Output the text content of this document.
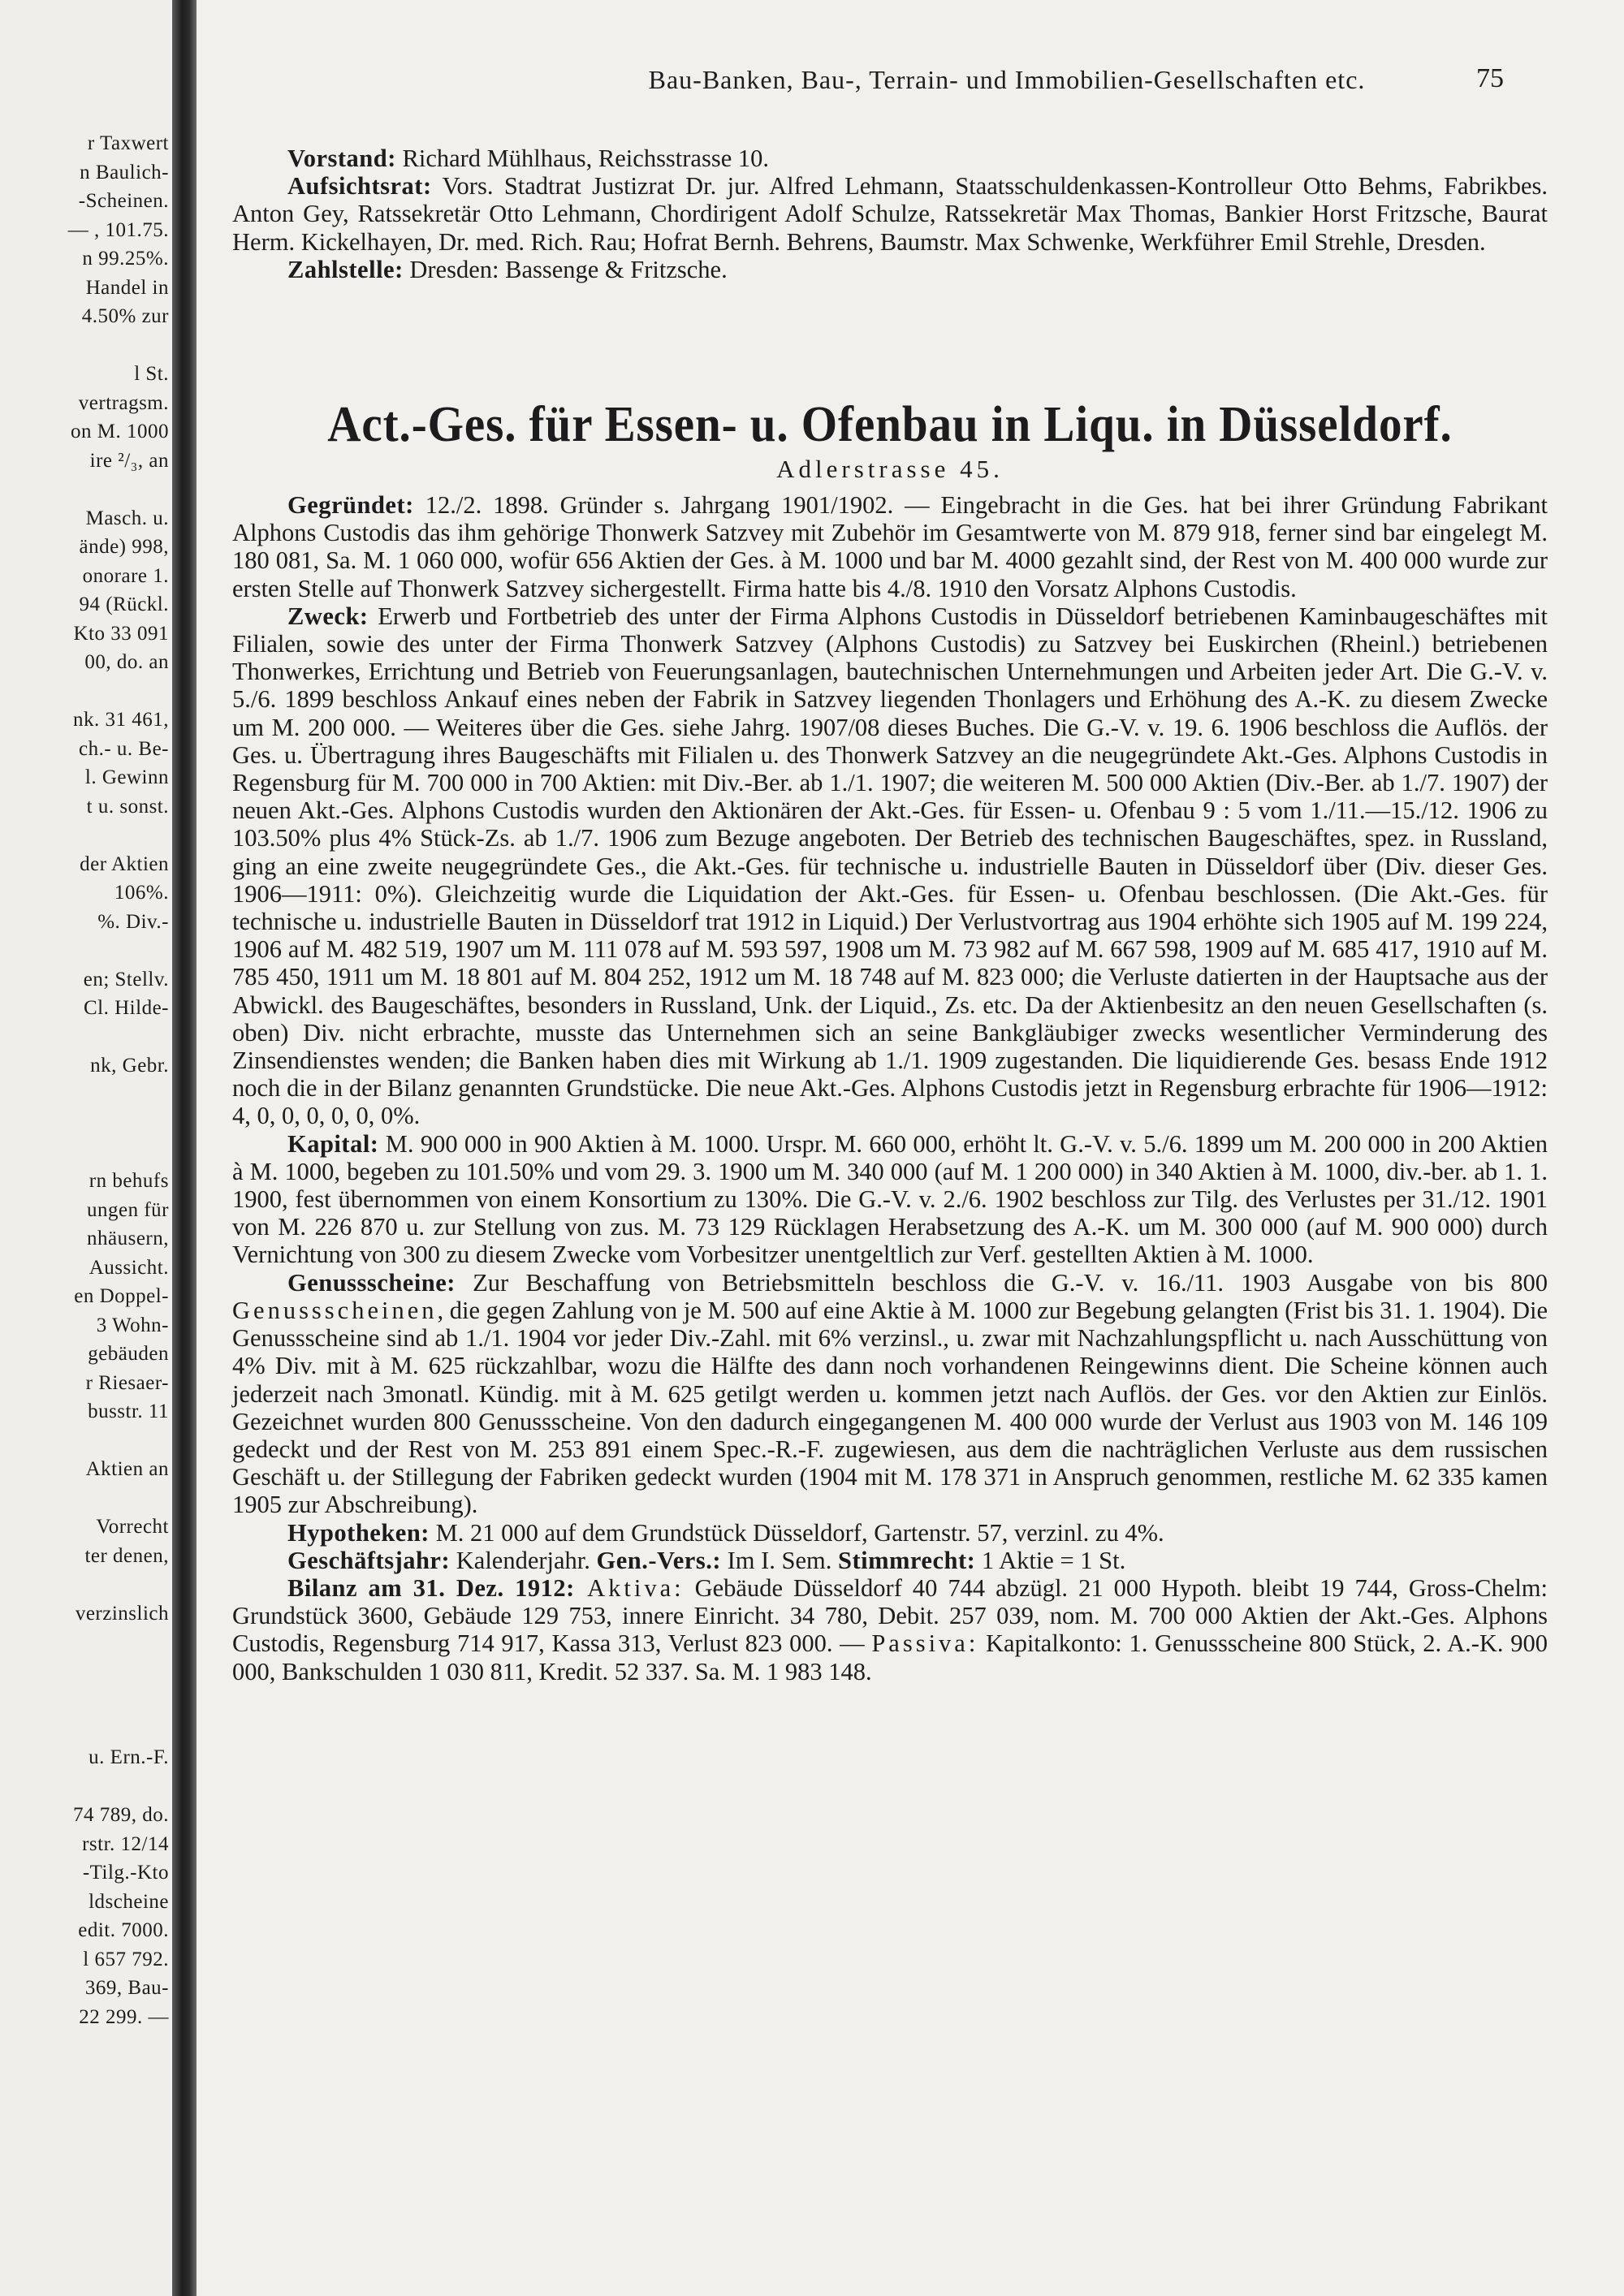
r Taxwert
n Baulich-
-Scheinen.
— , 101.75.
n 99.25%.
Handel in
4.50% zur
l St.
vertragsm.
on M. 1000
ire ²/₃, an
Masch. u.
ände) 998,
onorare 1.
94 (Rückl.
Kto 33 091
00, do. an
nk. 31 461,
ch.- u. Be-
l. Gewinn
t u. sonst.
der Aktien
106%.
%. Div.-
en; Stellv.
Cl. Hilde-
nk, Gebr.
rn behufs
ungen für
nhäusern,
Aussicht.
en Doppel-
3 Wohn-
gebäuden
r Riesaer-
busstr. 11
Aktien an
Vorrecht
ter denen,
verzinslich
u. Ern.-F.
74 789, do.
rstr. 12/14
-Tilg.-Kto
ldscheine
edit. 7000.
l 657 792.
369, Bau-
22 299. —
Bau-Banken, Bau-, Terrain- und Immobilien-Gesellschaften etc.	75

Vorstand: Richard Mühlhaus, Reichsstrasse 10.

Aufsichtsrat: Vors. Stadtrat Justizrat Dr. jur. Alfred Lehmann, Staatsschuldenkassen-Kontrolleur Otto Behms, Fabrikbes. Anton Gey, Ratssekretär Otto Lehmann, Chordirigent Adolf Schulze, Ratssekretär Max Thomas, Bankier Horst Fritzsche, Baurat Herm. Kickelhayen, Dr. med. Rich. Rau; Hofrat Bernh. Behrens, Baumstr. Max Schwenke, Werkführer Emil Strehle, Dresden.

Zahlstelle: Dresden: Bassenge & Fritzsche.

Act.-Ges. für Essen- u. Ofenbau in Liqu. in Düsseldorf.
Adlerstrasse 45.

Gegründet: 12./2. 1898. Gründer s. Jahrgang 1901/1902. — Eingebracht in die Ges. hat bei ihrer Gründung Fabrikant Alphons Custodis das ihm gehörige Thonwerk Satzvey mit Zubehör im Gesamtwerte von M. 879 918, ferner sind bar eingelegt M. 180 081, Sa. M. 1 060 000, wofür 656 Aktien der Ges. à M. 1000 und bar M. 4000 gezahlt sind, der Rest von M. 400 000 wurde zur ersten Stelle auf Thonwerk Satzvey sichergestellt. Firma hatte bis 4./8. 1910 den Vorsatz Alphons Custodis.

Zweck: Erwerb und Fortbetrieb des unter der Firma Alphons Custodis in Düsseldorf betriebenen Kaminbaugeschäftes mit Filialen, sowie des unter der Firma Thonwerk Satzvey (Alphons Custodis) zu Satzvey bei Euskirchen (Rheinl.) betriebenen Thonwerkes, Errichtung und Betrieb von Feuerungsanlagen, bautechnischen Unternehmungen und Arbeiten jeder Art. Die G.-V. v. 5./6. 1899 beschloss Ankauf eines neben der Fabrik in Satzvey liegenden Thonlagers und Erhöhung des A.-K. zu diesem Zwecke um M. 200 000. — Weiteres über die Ges. siehe Jahrg. 1907/08 dieses Buches. Die G.-V. v. 19. 6. 1906 beschloss die Auflös. der Ges. u. Übertragung ihres Baugeschäfts mit Filialen u. des Thonwerk Satzvey an die neugegründete Akt.-Ges. Alphons Custodis in Regensburg für M. 700 000 in 700 Aktien: mit Div.-Ber. ab 1./1. 1907; die weiteren M. 500 000 Aktien (Div.-Ber. ab 1./7. 1907) der neuen Akt.-Ges. Alphons Custodis wurden den Aktionären der Akt.-Ges. für Essen- u. Ofenbau 9 : 5 vom 1./11.—15./12. 1906 zu 103.50% plus 4% Stück-Zs. ab 1./7. 1906 zum Bezuge angeboten. Der Betrieb des technischen Baugeschäftes, spez. in Russland, ging an eine zweite neugegründete Ges., die Akt.-Ges. für technische u. industrielle Bauten in Düsseldorf über (Div. dieser Ges. 1906—1911: 0%). Gleichzeitig wurde die Liquidation der Akt.-Ges. für Essen- u. Ofenbau beschlossen. (Die Akt.-Ges. für technische u. industrielle Bauten in Düsseldorf trat 1912 in Liquid.) Der Verlustvortrag aus 1904 erhöhte sich 1905 auf M. 199 224, 1906 auf M. 482 519, 1907 um M. 111 078 auf M. 593 597, 1908 um M. 73 982 auf M. 667 598, 1909 auf M. 685 417, 1910 auf M. 785 450, 1911 um M. 18 801 auf M. 804 252, 1912 um M. 18 748 auf M. 823 000; die Verluste datierten in der Hauptsache aus der Abwickl. des Baugeschäftes, besonders in Russland, Unk. der Liquid., Zs. etc. Da der Aktienbesitz an den neuen Gesellschaften (s. oben) Div. nicht erbrachte, musste das Unternehmen sich an seine Bankgläubiger zwecks wesentlicher Verminderung des Zinsendienstes wenden; die Banken haben dies mit Wirkung ab 1./1. 1909 zugestanden. Die liquidierende Ges. besass Ende 1912 noch die in der Bilanz genannten Grundstücke. Die neue Akt.-Ges. Alphons Custodis jetzt in Regensburg erbrachte für 1906—1912: 4, 0, 0, 0, 0, 0, 0%.

Kapital: M. 900 000 in 900 Aktien à M. 1000. Urspr. M. 660 000, erhöht lt. G.-V. v. 5./6. 1899 um M. 200 000 in 200 Aktien à M. 1000, begeben zu 101.50% und vom 29. 3. 1900 um M. 340 000 (auf M. 1 200 000) in 340 Aktien à M. 1000, div.-ber. ab 1. 1. 1900, fest übernommen von einem Konsortium zu 130%. Die G.-V. v. 2./6. 1902 beschloss zur Tilg. des Verlustes per 31./12. 1901 von M. 226 870 u. zur Stellung von zus. M. 73 129 Rücklagen Herabsetzung des A.-K. um M. 300 000 (auf M. 900 000) durch Vernichtung von 300 zu diesem Zwecke vom Vorbesitzer unentgeltlich zur Verf. gestellten Aktien à M. 1000.

Genussscheine: Zur Beschaffung von Betriebsmitteln beschloss die G.-V. v. 16./11. 1903 Ausgabe von bis 800 Genussscheinen, die gegen Zahlung von je M. 500 auf eine Aktie à M. 1000 zur Begebung gelangten (Frist bis 31. 1. 1904). Die Genussscheine sind ab 1./1. 1904 vor jeder Div.-Zahl. mit 6% verzinsl., u. zwar mit Nachzahlungspflicht u. nach Ausschüttung von 4% Div. mit à M. 625 rückzahlbar, wozu die Hälfte des dann noch vorhandenen Reingewinns dient. Die Scheine können auch jederzeit nach 3monatl. Kündig. mit à M. 625 getilgt werden u. kommen jetzt nach Auflös. der Ges. vor den Aktien zur Einlös. Gezeichnet wurden 800 Genussscheine. Von den dadurch eingegangenen M. 400 000 wurde der Verlust aus 1903 von M. 146 109 gedeckt und der Rest von M. 253 891 einem Spec.-R.-F. zugewiesen, aus dem die nachträglichen Verluste aus dem russischen Geschäft u. der Stillegung der Fabriken gedeckt wurden (1904 mit M. 178 371 in Anspruch genommen, restliche M. 62 335 kamen 1905 zur Abschreibung).

Hypotheken: M. 21 000 auf dem Grundstück Düsseldorf, Gartenstr. 57, verzinl. zu 4%.

Geschäftsjahr: Kalenderjahr. Gen.-Vers.: Im I. Sem. Stimmrecht: 1 Aktie = 1 St.

Bilanz am 31. Dez. 1912: Aktiva: Gebäude Düsseldorf 40 744 abzügl. 21 000 Hypoth. bleibt 19 744, Gross-Chelm: Grundstück 3600, Gebäude 129 753, innere Einricht. 34 780, Debit. 257 039, nom. M. 700 000 Aktien der Akt.-Ges. Alphons Custodis, Regensburg 714 917, Kassa 313, Verlust 823 000. — Passiva: Kapitalkonto: 1. Genussscheine 800 Stück, 2. A.-K. 900 000, Bankschulden 1 030 811, Kredit. 52 337. Sa. M. 1 983 148.
